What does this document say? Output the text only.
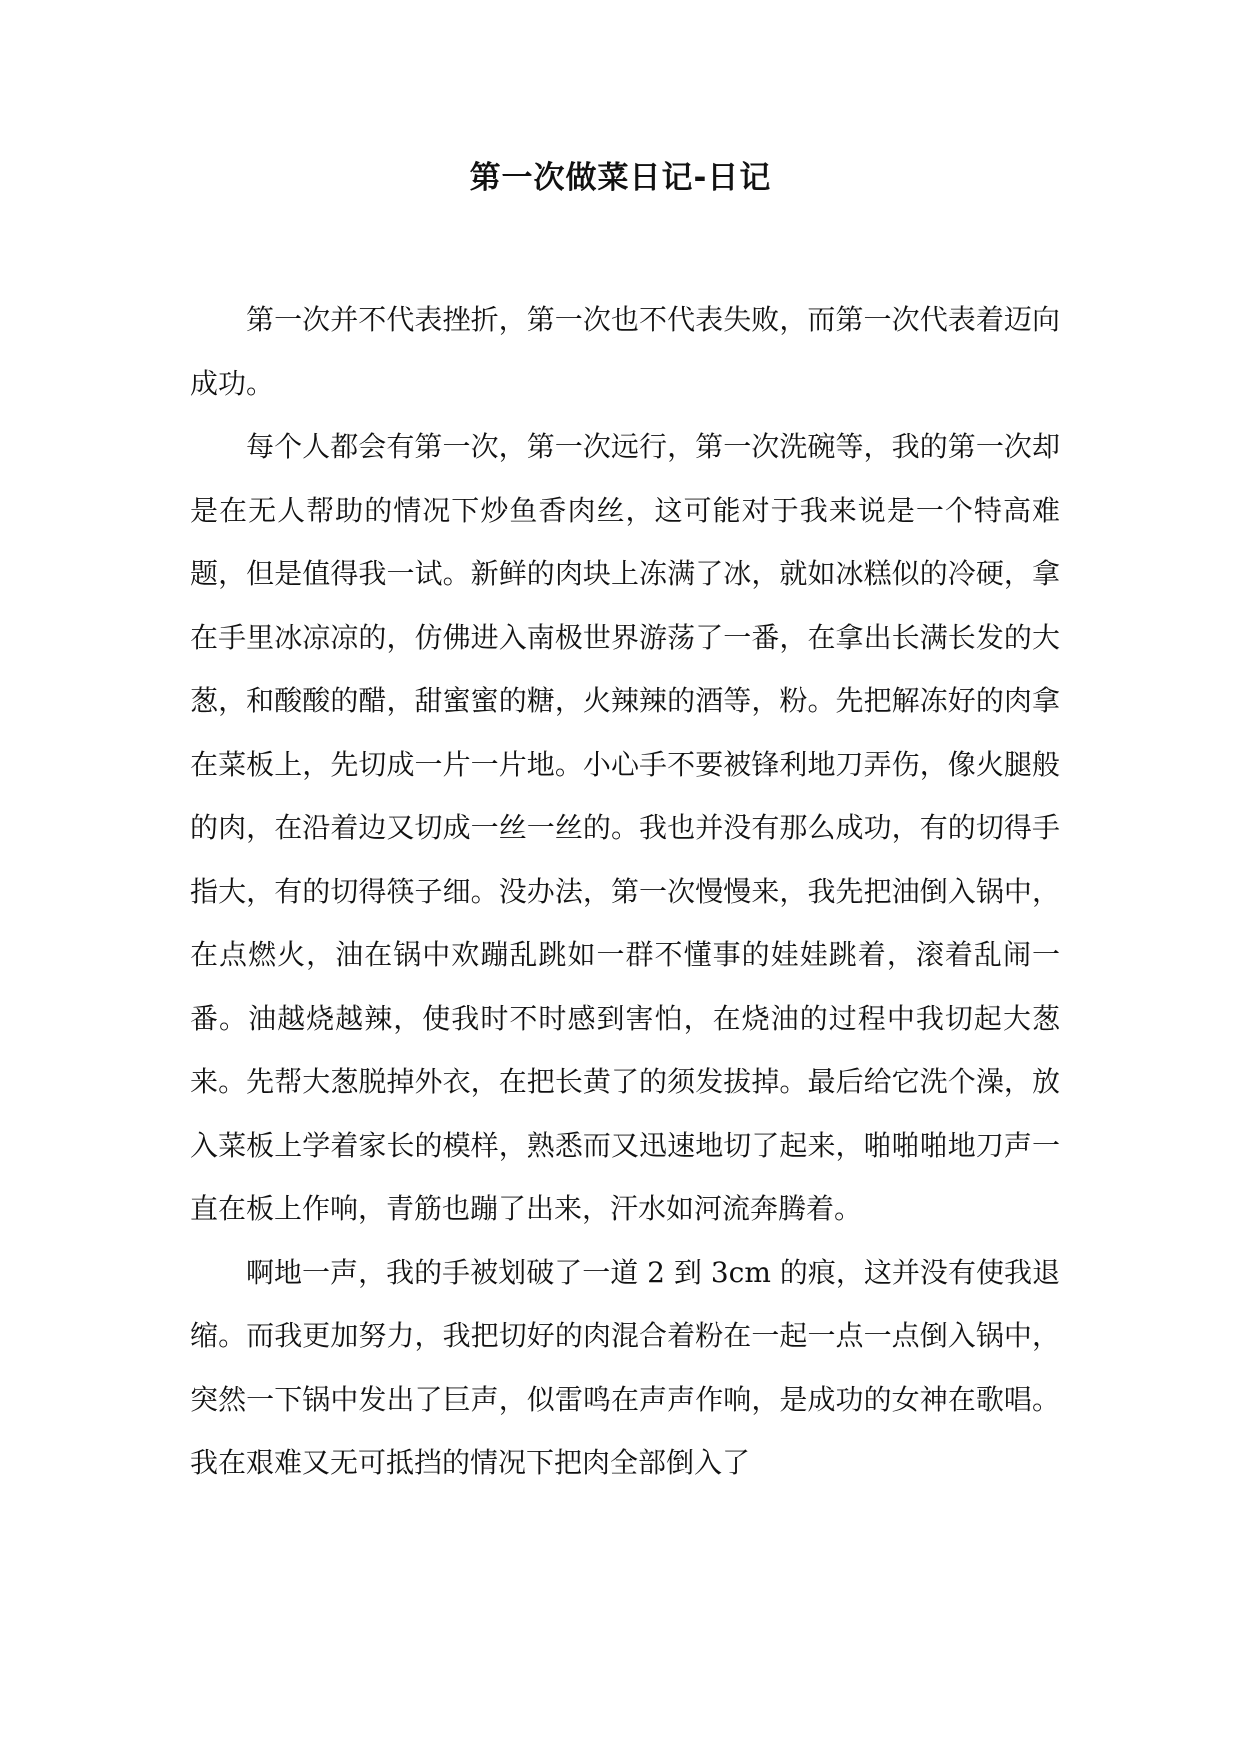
第一次做菜日记-日记

第一次并不代表挫折，第一次也不代表失败，而第一次代表着迈向成功。

每个人都会有第一次，第一次远行，第一次洗碗等，我的第一次却是在无人帮助的情况下炒鱼香肉丝，这可能对于我来说是一个特高难题，但是值得我一试。新鲜的肉块上冻满了冰，就如冰糕似的冷硬，拿在手里冰凉凉的，仿佛进入南极世界游荡了一番，在拿出长满长发的大葱，和酸酸的醋，甜蜜蜜的糖，火辣辣的酒等，粉。先把解冻好的肉拿在菜板上，先切成一片一片地。小心手不要被锋利地刀弄伤，像火腿般的肉，在沿着边又切成一丝一丝的。我也并没有那么成功，有的切得手指大，有的切得筷子细。没办法，第一次慢慢来，我先把油倒入锅中，在点燃火，油在锅中欢蹦乱跳如一群不懂事的娃娃跳着，滚着乱闹一番。油越烧越辣，使我时不时感到害怕，在烧油的过程中我切起大葱来。先帮大葱脱掉外衣，在把长黄了的须发拔掉。最后给它洗个澡，放入菜板上学着家长的模样，熟悉而又迅速地切了起来，啪啪啪地刀声一直在板上作响，青筋也蹦了出来，汗水如河流奔腾着。

啊地一声，我的手被划破了一道 2 到 3cm 的痕，这并没有使我退缩。而我更加努力，我把切好的肉混合着粉在一起一点一点倒入锅中，突然一下锅中发出了巨声，似雷鸣在声声作响，是成功的女神在歌唱。我在艰难又无可抵挡的情况下把肉全部倒入了
